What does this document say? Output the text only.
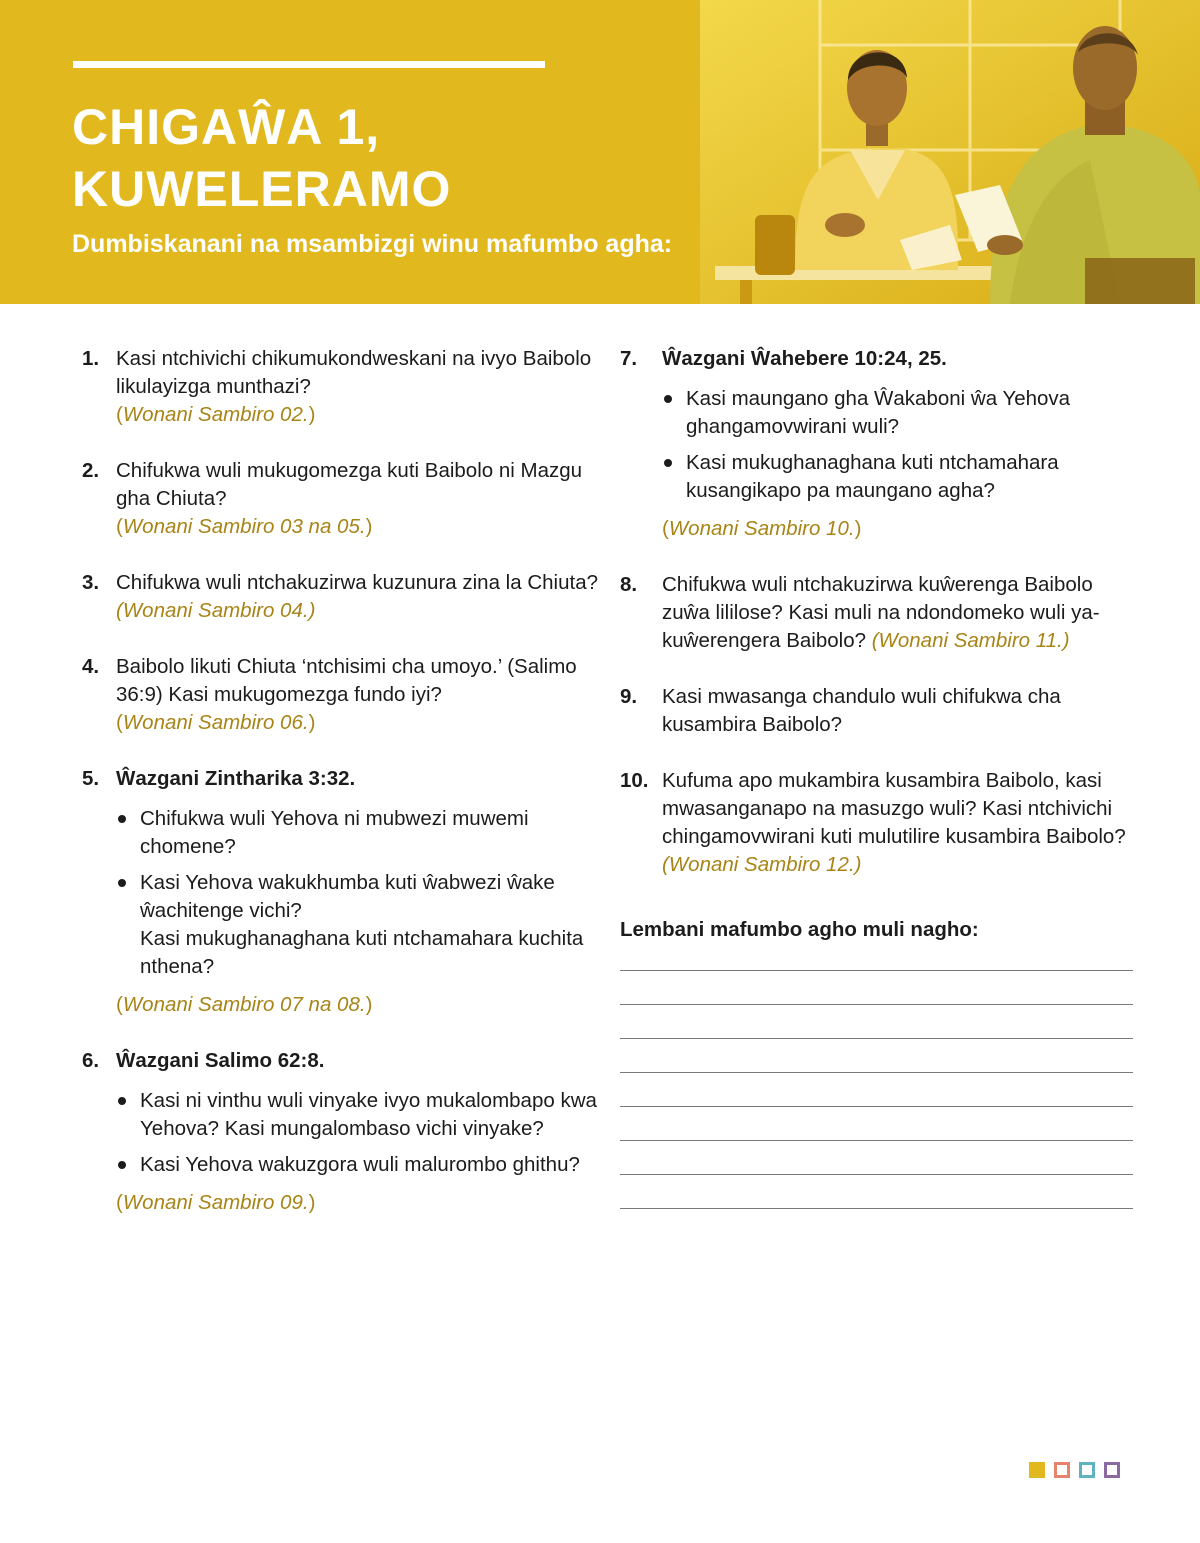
CHIGAŴA 1,
KUWELERAMO

Dumbiskanani na msambizgi winu mafumbo agha:

1. Kasi ntchivichi chikumukondweskani na ivyo Baibolo likulayizga munthazi?
(Wonani Sambiro 02.)
2. Chifukwa wuli mukugomezga kuti Baibolo ni Mazgu gha Chiuta?
(Wonani Sambiro 03 na 05.)
3. Chifukwa wuli ntchakuzirwa kuzunura zina la Chiuta? (Wonani Sambiro 04.)
4. Baibolo likuti Chiuta ‘ntchisimi cha umoyo.’ (Salimo 36:9) Kasi mukugomezga fundo iyi?
(Wonani Sambiro 06.)
5. Ŵazgani Zintharika 3:32.
Chifukwa wuli Yehova ni mubwezi muwemi chomene?
Kasi Yehova wakukhumba kuti ŵabwezi ŵake ŵachitenge vichi?
Kasi mukughanaghana kuti ntchamahara kuchita nthena?
(Wonani Sambiro 07 na 08.)
6. Ŵazgani Salimo 62:8.
Kasi ni vinthu wuli vinyake ivyo mukalombapo kwa Yehova? Kasi mungalombaso vichi vinyake?
Kasi Yehova wakuzgora wuli malurombo ghithu?
(Wonani Sambiro 09.)
7. Ŵazgani Ŵahebere 10:24, 25.
Kasi maungano gha Ŵakaboni ŵa Yehova ghangamovwirani wuli?
Kasi mukughanaghana kuti ntchamahara kusangikapo pa maungano agha?
(Wonani Sambiro 10.)
8. Chifukwa wuli ntchakuzirwa kuŵerenga Baibolo zuŵa lililose? Kasi muli na ndondomeko wuli ya-kuŵerengera Baibolo? (Wonani Sambiro 11.)
9. Kasi mwasanga chandulo wuli chifukwa cha kusambira Baibolo?
10. Kufuma apo mukambira kusambira Baibolo, kasi mwasanganapo na masuzgo wuli? Kasi ntchivichi chingamovwirani kuti mulutilire kusambira Baibolo? (Wonani Sambiro 12.)

Lembani mafumbo agho muli nagho:
